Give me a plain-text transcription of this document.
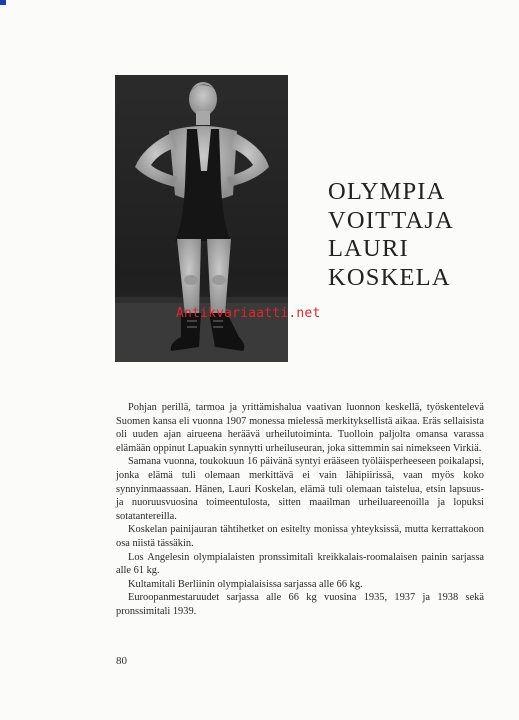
Antikvariaatti.net
OLYMPIA
VOITTAJA
LAURI
KOSKELA

Pohjan perillä, tarmoa ja yrittämishalua vaativan luonnon keskellä, työskentelevä Suomen kansa eli vuonna 1907 monessa mielessä merkityksellistä aikaa. Eräs sellaisista oli uuden ajan airueena heräävä urheilutoiminta. Tuolloin paljolta omansa varassa elämään oppinut Lapuakin synnytti urheiluseuran, joka sittemmin sai nimekseen Virkiä.

Samana vuonna, toukokuun 16 päivänä syntyi erääseen työläisperheeseen poikalapsi, jonka elämä tuli olemaan merkittävä ei vain lähipiirissä, vaan myös koko synnyinmaassaan. Hänen, Lauri Koskelan, elämä tuli olemaan taistelua, etsin lapsuus- ja nuoruusvuosina toimeentulosta, sitten maailman urheiluareenoilla ja lopuksi sotatantereilla.

Koskelan painijauran tähtihetket on esitelty monissa yhteyksissä, mutta kerrattakoon osa niistä tässäkin.

Los Angelesin olympialaisten pronssimitali kreikkalais-roomalaisen painin sarjassa alle 61 kg.

Kultamitali Berliinin olympialaisissa sarjassa alle 66 kg.

Euroopanmestaruudet sarjassa alle 66 kg vuosina 1935, 1937 ja 1938 sekä pronssimitali 1939.

80
